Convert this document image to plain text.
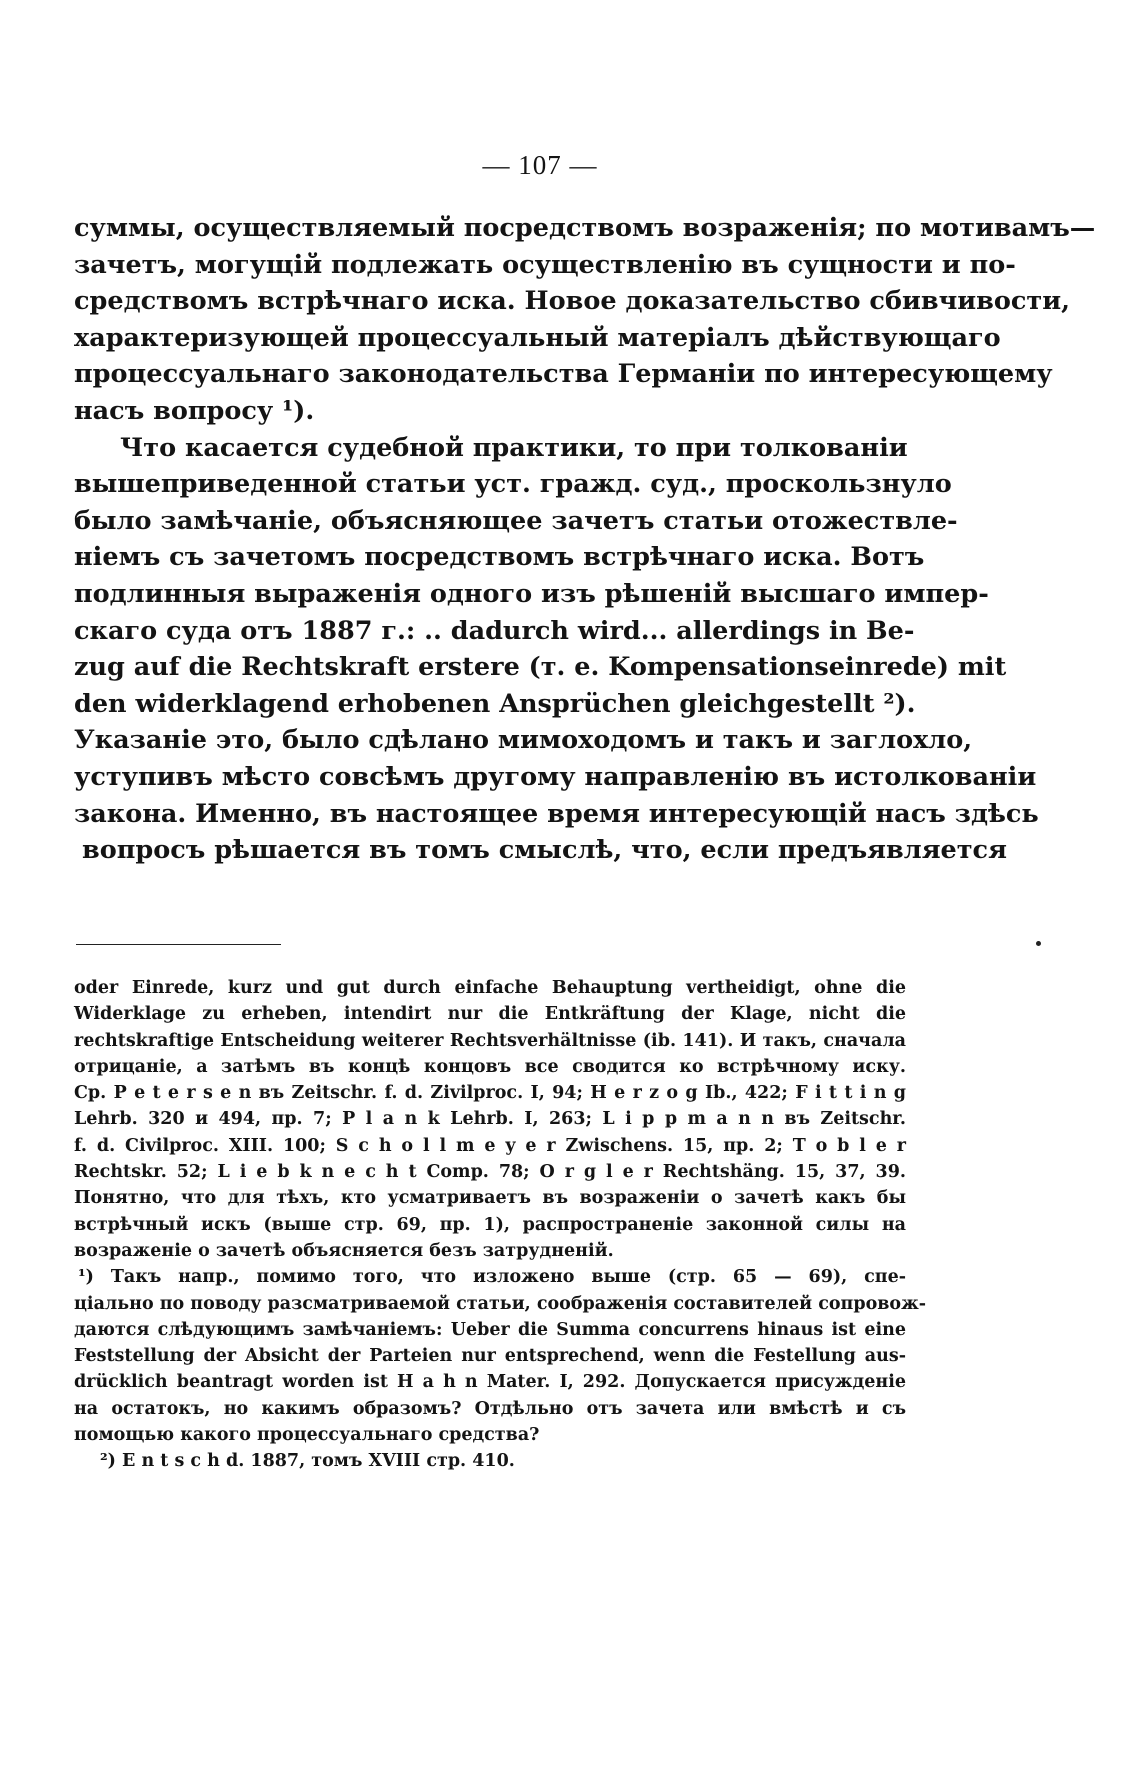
— 107 —
суммы, осуществляемый посредствомъ возраженія; по мотивамъ—
зачетъ, могущій подлежать осуществленію въ сущности и по-
средствомъ встрѣчнаго иска. Новое доказательство сбивчивости,
характеризующей процессуальный матеріалъ дѣйствующаго
процессуальнаго законодательства Германіи по интересующему
насъ вопросу ¹).
Что касается судебной практики, то при толкованіи
вышеприведенной статьи уст. гражд. суд., проскользнуло
было замѣчаніе, объясняющее зачетъ статьи отожествле-
ніемъ съ зачетомъ посредствомъ встрѣчнаго иска. Вотъ
подлинныя выраженія одного изъ рѣшеній высшаго импер-
скаго суда отъ 1887 г.: .. dadurch wird... allerdings in Be-
zug auf die Rechtskraft erstere (т. е. Kompensationseinrede) mit
den widerklagend erhobenen Ansprüchen gleichgestellt ²).
Указаніе это, было сдѣлано мимоходомъ и такъ и заглохло,
уступивъ мѣсто совсѣмъ другому направленію въ истолкованіи
закона. Именно, въ настоящее время интересующій насъ здѣсь
вопросъ рѣшается въ томъ смыслѣ, что, если предъявляется
oder Einrede, kurz und gut durch einfache Behauptung vertheidigt, ohne die
Widerklage zu erheben, intendirt nur die Entkräftung der Klage, nicht die
rechtskraftige Entscheidung weiterer Rechtsverhältnisse (ib. 141). И такъ, сначала
отрицаніе, а затѣмъ въ концѣ концовъ все сводится ко встрѣчному иску.
Cp. P e t e r s e n въ Zeitschr. f. d. Zivilproc. I, 94; H e r z o g Ib., 422; F i t t i n g
Lehrb. 320 и 494, пр. 7; P l a n k Lehrb. I, 263; L i p p m a n n въ Zeitschr.
f. d. Civilproc. XIII. 100; S c h o l l m e y e r Zwischens. 15, пр. 2; T o b l e r
Rechtskr. 52; L i e b k n e c h t Comp. 78; O r g l e r Rechtshäng. 15, 37, 39.
Понятно, что для тѣхъ, кто усматриваетъ въ возраженіи о зачетѣ какъ бы
встрѣчный искъ (выше стр. 69, пр. 1), распространеніе законной силы на
возраженіе о зачетѣ объясняется безъ затрудненій.
¹) Такъ напр., помимо того, что изложено выше (стр. 65 — 69), спе-
ціально по поводу разсматриваемой статьи, соображенія составителей сопровож-
даются слѣдующимъ замѣчаніемъ: Ueber die Summa concurrens hinaus ist eine
Feststellung der Absicht der Parteien nur entsprechend, wenn die Festellung aus-
drücklich beantragt worden ist H a h n Mater. I, 292. Допускается присужденіе
на остатокъ, но какимъ образомъ? Отдѣльно отъ зачета или вмѣстѣ и съ
помощью какого процессуальнаго средства?
²) E n t s c h d. 1887, томъ XVIII стр. 410.
